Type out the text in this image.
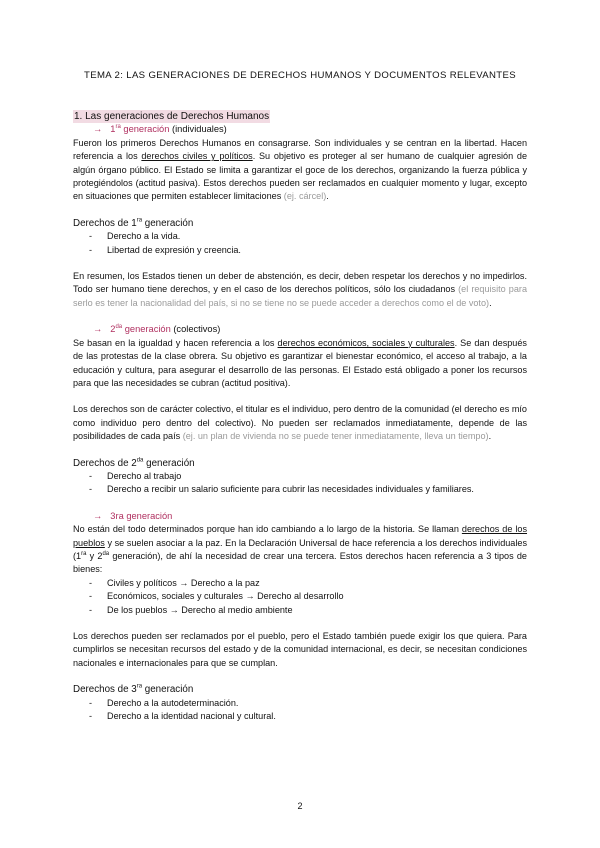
TEMA 2: LAS GENERACIONES DE DERECHOS HUMANOS Y DOCUMENTOS RELEVANTES
1. Las generaciones de Derechos Humanos
→ $1^{ra}$ generación (individuales)

Fueron los primeros Derechos Humanos en consagrarse. Son individuales y se centran en la libertad. Hacen referencia a los derechos civiles y políticos. Su objetivo es proteger al ser humano de cualquier agresión de algún órgano público. El Estado se limita a garantizar el goce de los derechos, organizando la fuerza pública y protegiéndolos (actitud pasiva). Estos derechos pueden ser reclamados en cualquier momento y lugar, excepto en situaciones que permiten establecer limitaciones (ej. cárcel).

Derechos de $1^{ra}$ generación

- Derecho a la vida.
- Libertad de expresión y creencia.

En resumen, los Estados tienen un deber de abstención, es decir, deben respetar los derechos y no impedirlos. Todo ser humano tiene derechos, y en el caso de los derechos políticos, sólo los ciudadanos (el requisito para serlo es tener la nacionalidad del país, si no se tiene no se puede acceder a derechos como el de voto).

→ $2^{da}$ generación (colectivos)

Se basan en la igualdad y hacen referencia a los derechos económicos, sociales y culturales. Se dan después de las protestas de la clase obrera. Su objetivo es garantizar el bienestar económico, el acceso al trabajo, a la educación y cultura, para asegurar el desarrollo de las personas. El Estado está obligado a poner los recursos para que las necesidades se cubran (actitud positiva).

Los derechos son de carácter colectivo, el titular es el individuo, pero dentro de la comunidad (el derecho es mío como individuo pero dentro del colectivo). No pueden ser reclamados inmediatamente, depende de las posibilidades de cada país (ej. un plan de vivienda no se puede tener inmediatamente, lleva un tiempo).

Derechos de $2^{da}$ generación

- Derecho al trabajo
- Derecho a recibir un salario suficiente para cubrir las necesidades individuales y familiares.
→ 3ra generación

No están del todo determinados porque han ido cambiando a lo largo de la historia. Se llaman derechos de los pueblos y se suelen asociar a la paz. En la Declaración Universal de hace referencia a los derechos individuales ($1^{ra}$ y $2^{da}$ generación), de ahí la necesidad de crear una tercera. Estos derechos hacen referencia a 3 tipos de bienes:

- Civiles y políticos → Derecho a la paz
- Económicos, sociales y culturales → Derecho al desarrollo
- De los pueblos → Derecho al medio ambiente

Los derechos pueden ser reclamados por el pueblo, pero el Estado también puede exigir los que quiera. Para cumplirlos se necesitan recursos del estado y de la comunidad internacional, es decir, se necesitan condiciones nacionales e internacionales para que se cumplan.

Derechos de $3^{ra}$ generación

- Derecho a la autodeterminación.
- Derecho a la identidad nacional y cultural.
2
